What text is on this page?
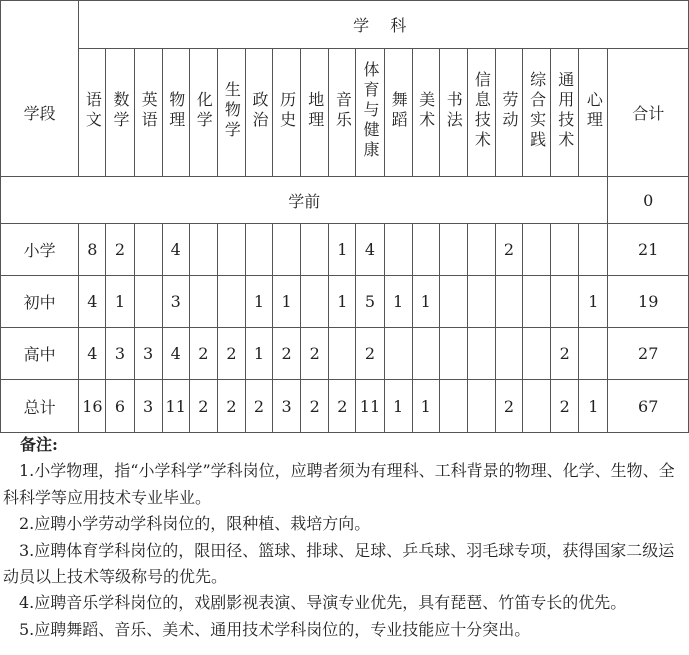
	学 科																			
学段	语文	数学	英语	物理	化学	生物学	政治	历史	地理	音乐	体育与健康	舞蹈	美术	书法	信息技术	劳动	综合实践	通用技术	心理	合计
学前																				0
小学	8	2		4						1	4					2				21
初中	4	1		3			1	1		1	5	1	1						1	19
高中	4	3	3	4	2	2	1	2	2		2							2		27
总计	16	6	3	11	2	2	2	3	2	2	11	1	1			2		2	1	67

备注:

1.小学物理，指“小学科学”学科岗位，应聘者须为有理科、工科背景的物理、化学、生物、全科科学等应用技术专业毕业。

2.应聘小学劳动学科岗位的，限种植、栽培方向。

3.应聘体育学科岗位的，限田径、篮球、排球、足球、乒乓球、羽毛球专项，获得国家二级运动员以上技术等级称号的优先。

4.应聘音乐学科岗位的，戏剧影视表演、导演专业优先，具有琵琶、竹笛专长的优先。

5.应聘舞蹈、音乐、美术、通用技术学科岗位的，专业技能应十分突出。
